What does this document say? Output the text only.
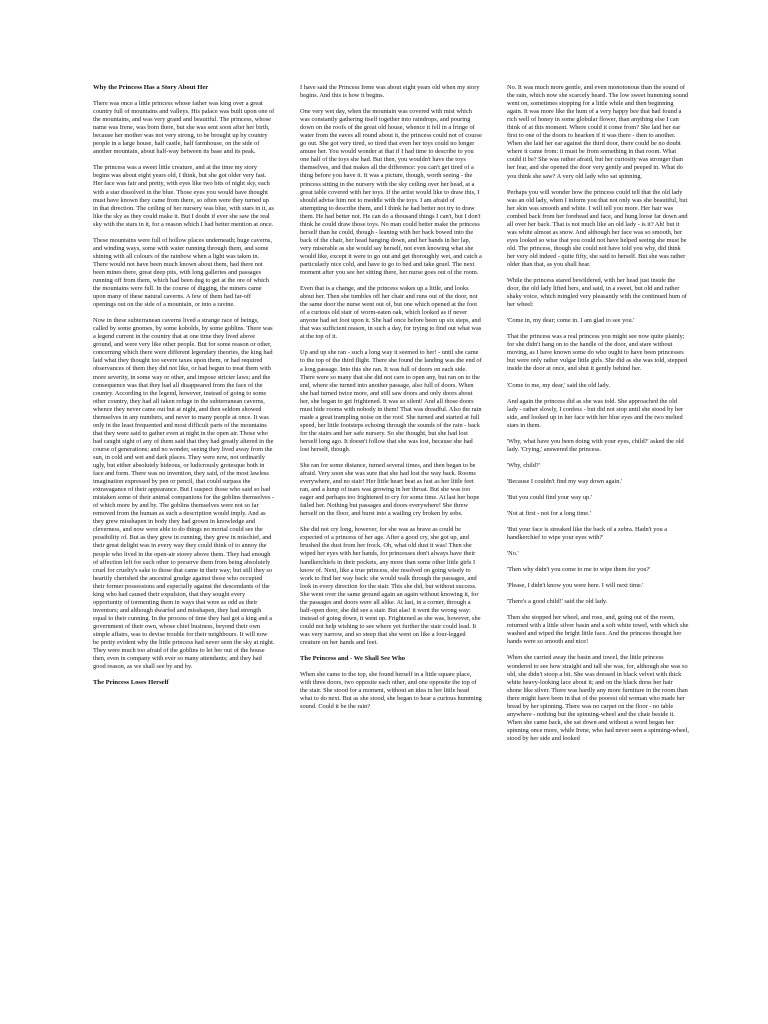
Why the Princess Has a Story About Her

There was once a little princess whose father was king over a great country full of mountains and valleys. His palace was built upon one of the mountains, and was very grand and beautiful. The princess, whose name was Irene, was born there, but she was sent soon after her birth, because her mother was not very strong, to be brought up by country people in a large house, half castle, half farmhouse, on the side of another mountain, about half-way between its base and its peak.

The princess was a sweet little creature, and at the time my story begins was about eight years old, I think, but she got older very fast. Her face was fair and pretty, with eyes like two bits of night sky, each with a star dissolved in the blue. Those eyes you would have thought must have known they came from there, so often were they turned up in that direction. The ceiling of her nursery was blue, with stars in it, as like the sky as they could make it. But I doubt if ever she saw the real sky with the stars in it, for a reason which I had better mention at once.

These mountains were full of hollow places underneath; huge caverns, and winding ways, some with water running through them, and some shining with all colours of the rainbow when a light was taken in. There would not have been much known about them, had there not been mines there, great deep pits, with long galleries and passages running off from them, which had been dug to get at the ore of which the mountains were full. In the course of digging, the miners came upon many of these natural caverns. A few of them had far-off openings out on the side of a mountain, or into a ravine.

Now in these subterranean caverns lived a strange race of beings, called by some gnomes, by some kobolds, by some goblins. There was a legend current in the country that at one time they lived above ground, and were very like other people. But for some reason or other, concerning which there were different legendary theories, the king had laid what they thought too severe taxes upon them, or had required observances of them they did not like, or had begun to treat them with more severity, in some way or other, and impose stricter laws; and the consequence was that they had all disappeared from the face of the country. According to the legend, however, instead of going to some other country, they had all taken refuge in the subterranean caverns, whence they never came out but at night, and then seldom showed themselves in any numbers, and never to many people at once. It was only in the least frequented and most difficult parts of the mountains that they were said to gather even at night in the open air. Those who had caught sight of any of them said that they had greatly altered in the course of generations; and no wonder, seeing they lived away from the sun, in cold and wet and dark places. They were now, not ordinarily ugly, but either absolutely hideous, or ludicrously grotesque both in face and form. There was no invention, they said, of the most lawless imagination expressed by pen or pencil, that could surpass the extravagance of their appearance. But I suspect those who said so had mistaken some of their animal companions for the goblins themselves - of which more by and by. The goblins themselves were not so far removed from the human as such a description would imply. And as they grew misshapen in body they had grown in knowledge and cleverness, and now were able to do things no mortal could see the possibility of. But as they grew in cunning, they grew in mischief, and their great delight was in every way they could think of to annoy the people who lived in the open-air storey above them. They had enough of affection left for each other to preserve them from being absolutely cruel for cruelty's sake to those that came in their way; but still they so heartily cherished the ancestral grudge against those who occupied their former possessions and especially against the descendants of the king who had caused their expulsion, that they sought every opportunity of tormenting them in ways that were as odd as their inventors; and although dwarfed and misshapen, they had strength equal to their cunning. In the process of time they had got a king and a government of their own, whose chief business, beyond their own simple affairs, was to devise trouble for their neighbours. It will now be pretty evident why the little princess had never seen the sky at night. They were much too afraid of the goblins to let her out of the house then, even in company with ever so many attendants; and they had good reason, as we shall see by and by.

The Princess Loses Herself

I have said the Princess Irene was about eight years old when my story begins. And this is how it begins.

One very wet day, when the mountain was covered with mist which was constantly gathering itself together into raindrops, and pouring down on the roofs of the great old house, whence it fell in a fringe of water from the eaves all round about it, the princess could not of course go out. She got very tired, so tired that even her toys could no longer amuse her. You would wonder at that if I had time to describe to you one half of the toys she had. But then, you wouldn't have the toys themselves, and that makes all the difference: you can't get tired of a thing before you have it. It was a picture, though, worth seeing - the princess sitting in the nursery with the sky ceiling over her head, at a great table covered with her toys. If the artist would like to draw this, I should advise him not to meddle with the toys. I am afraid of attempting to describe them, and I think he had better not try to draw them. He had better not. He can do a thousand things I can't, but I don't think he could draw those toys. No man could better make the princess herself than he could, though - leaning with her back bowed into the back of the chair, her head hanging down, and her hands in her lap, very miserable as she would say herself, not even knowing what she would like, except it were to go out and get thoroughly wet, and catch a particularly nice cold, and have to go to bed and take gruel. The next moment after you see her sitting there, her nurse goes out of the room.

Even that is a change, and the princess wakes up a little, and looks about her. Then she tumbles off her chair and runs out of the door, not the same door the nurse went out of, but one which opened at the foot of a curious old stair of worm-eaten oak, which looked as if never anyone had set foot upon it. She had once before been up six steps, and that was sufficient reason, in such a day, for trying to find out what was at the top of it.

Up and up she ran - such a long way it seemed to her! - until she came to the top of the third flight. There she found the landing was the end of a long passage. Into this she ran. It was full of doors on each side. There were so many that she did not care to open any, but ran on to the end, where she turned into another passage, also full of doors. When she had turned twice more, and still saw doors and only doors about her, she began to get frightened. It was so silent! And all those doors must hide rooms with nobody in them! That was dreadful. Also the rain made a great trampling noise on the roof. She turned and started at full speed, her little footsteps echoing through the sounds of the rain - back for the stairs and her safe nursery. So she thought, but she had lost herself long ago. It doesn't follow that she was lost, because she had lost herself, though.

She ran for some distance, turned several times, and then began to be afraid. Very soon she was sure that she had lost the way back. Rooms everywhere, and no stair! Her little heart beat as fast as her little feet ran, and a lump of tears was growing in her throat. But she was too eager and perhaps too frightened to cry for some time. At last her hope failed her. Nothing but passages and doors everywhere! She threw herself on the floor, and burst into a wailing cry broken by sobs.

She did not cry long, however, for she was as brave as could be expected of a princess of her age. After a good cry, she got up, and brushed the dust from her frock. Oh, what old dust it was! Then she wiped her eyes with her hands, for princesses don't always have their handkerchiefs in their pockets, any more than some other little girls I know of. Next, like a true princess, she resolved on going wisely to work to find her way back: she would walk through the passages, and look in every direction for the stair. This she did, but without success. She went over the same ground again an again without knowing it, for the passages and doors were all alike. At last, in a corner, through a half-open door, she did see a stair. But alas! it went the wrong way: instead of going down, it went up. Frightened as she was, however, she could not help wishing to see where yet further the stair could lead. It was very narrow, and so steep that she went on like a four-legged creature on her hands and feet.

The Princess and - We Shall See Who

When she came to the top, she found herself in a little square place, with three doors, two opposite each other, and one opposite the top of the stair. She stood for a moment, without an idea in her little head what to do next. But as she stood, she began to hear a curious humming sound. Could it be the rain?

No. It was much more gentle, and even monotonous than the sound of the rain, which now she scarcely heard. The low sweet humming sound went on, sometimes stopping for a little while and then beginning again. It was more like the hum of a very happy bee that had found a rich well of honey in some globular flower, than anything else I can think of at this moment. Where could it come from? She laid her ear first to one of the doors to hearken if it was there - then to another. When she laid her ear against the third door, there could be no doubt where it came from: it must be from something in that room. What could it be? She was rather afraid, but her curiosity was stronger than her fear, and she opened the door very gently and peeped in. What do you think she saw? A very old lady who sat spinning.

Perhaps you will wonder how the princess could tell that the old lady was an old lady, when I inform you that not only was she beautiful, but her skin was smooth and white. I will tell you more. Her hair was combed back from her forehead and face, and hung loose far down and all over her back. That is not much like an old lady - is it? Ah! but it was white almost as snow. And although her face was so smooth, her eyes looked so wise that you could not have helped seeing she must be old. The princess, though she could not have told you why, did think her very old indeed - quite fifty, she said to herself. But she was rather older than that, as you shall hear.

While the princess stared bewildered, with her head just inside the door, the old lady lifted hers, and said, in a sweet, but old and rather shaky voice, which mingled very pleasantly with the continued hum of her wheel:

'Come in, my dear; come in. I am glad to see you.'

That the princess was a real princess you might see now quite plainly; for she didn't hang on to the handle of the door, and stare without moving, as I have known some do who ought to have been princesses but were only rather vulgar little girls. She did as she was told, stepped inside the door at once, and shut it gently behind her.

'Come to me, my dear,' said the old lady.

And again the princess did as she was told. She approached the old lady - rather slowly, I confess - but did not stop until she stood by her side, and looked up in her face with her blue eyes and the two melted stars in them.

'Why, what have you been doing with your eyes, child?' asked the old lady. 'Crying,' answered the princess.

'Why, child?'

'Because I couldn't find my way down again.'

'But you could find your way up.'

'Not at first - not for a long time.'

'But your face is streaked like the back of a zebra. Hadn't you a handkerchief to wipe your eyes with?'

'No.'

'Then why didn't you come to me to wipe them for you?'

'Please, I didn't know you were here. I will next time.'

'There's a good child!' said the old lady.

Then she stopped her wheel, and rose, and, going out of the room, returned with a little silver basin and a soft white towel, with which she washed and wiped the bright little face. And the princess thought her hands were so smooth and nice!

When she carried away the basin and towel, the little princess wondered to see how straight and tall she was, for, although she was so old, she didn't stoop a bit. She was dressed in black velvet with thick white heavy-looking lace about it; and on the black dress her hair shone like silver. There was hardly any more furniture in the room than there might have been in that of the poorest old woman who made her bread by her spinning. There was no carpet on the floor - no table anywhere - nothing but the spinning-wheel and the chair beside it. When she came back, she sat down and without a word began her spinning once more, while Irene, who had never seen a spinning-wheel, stood by her side and looked
